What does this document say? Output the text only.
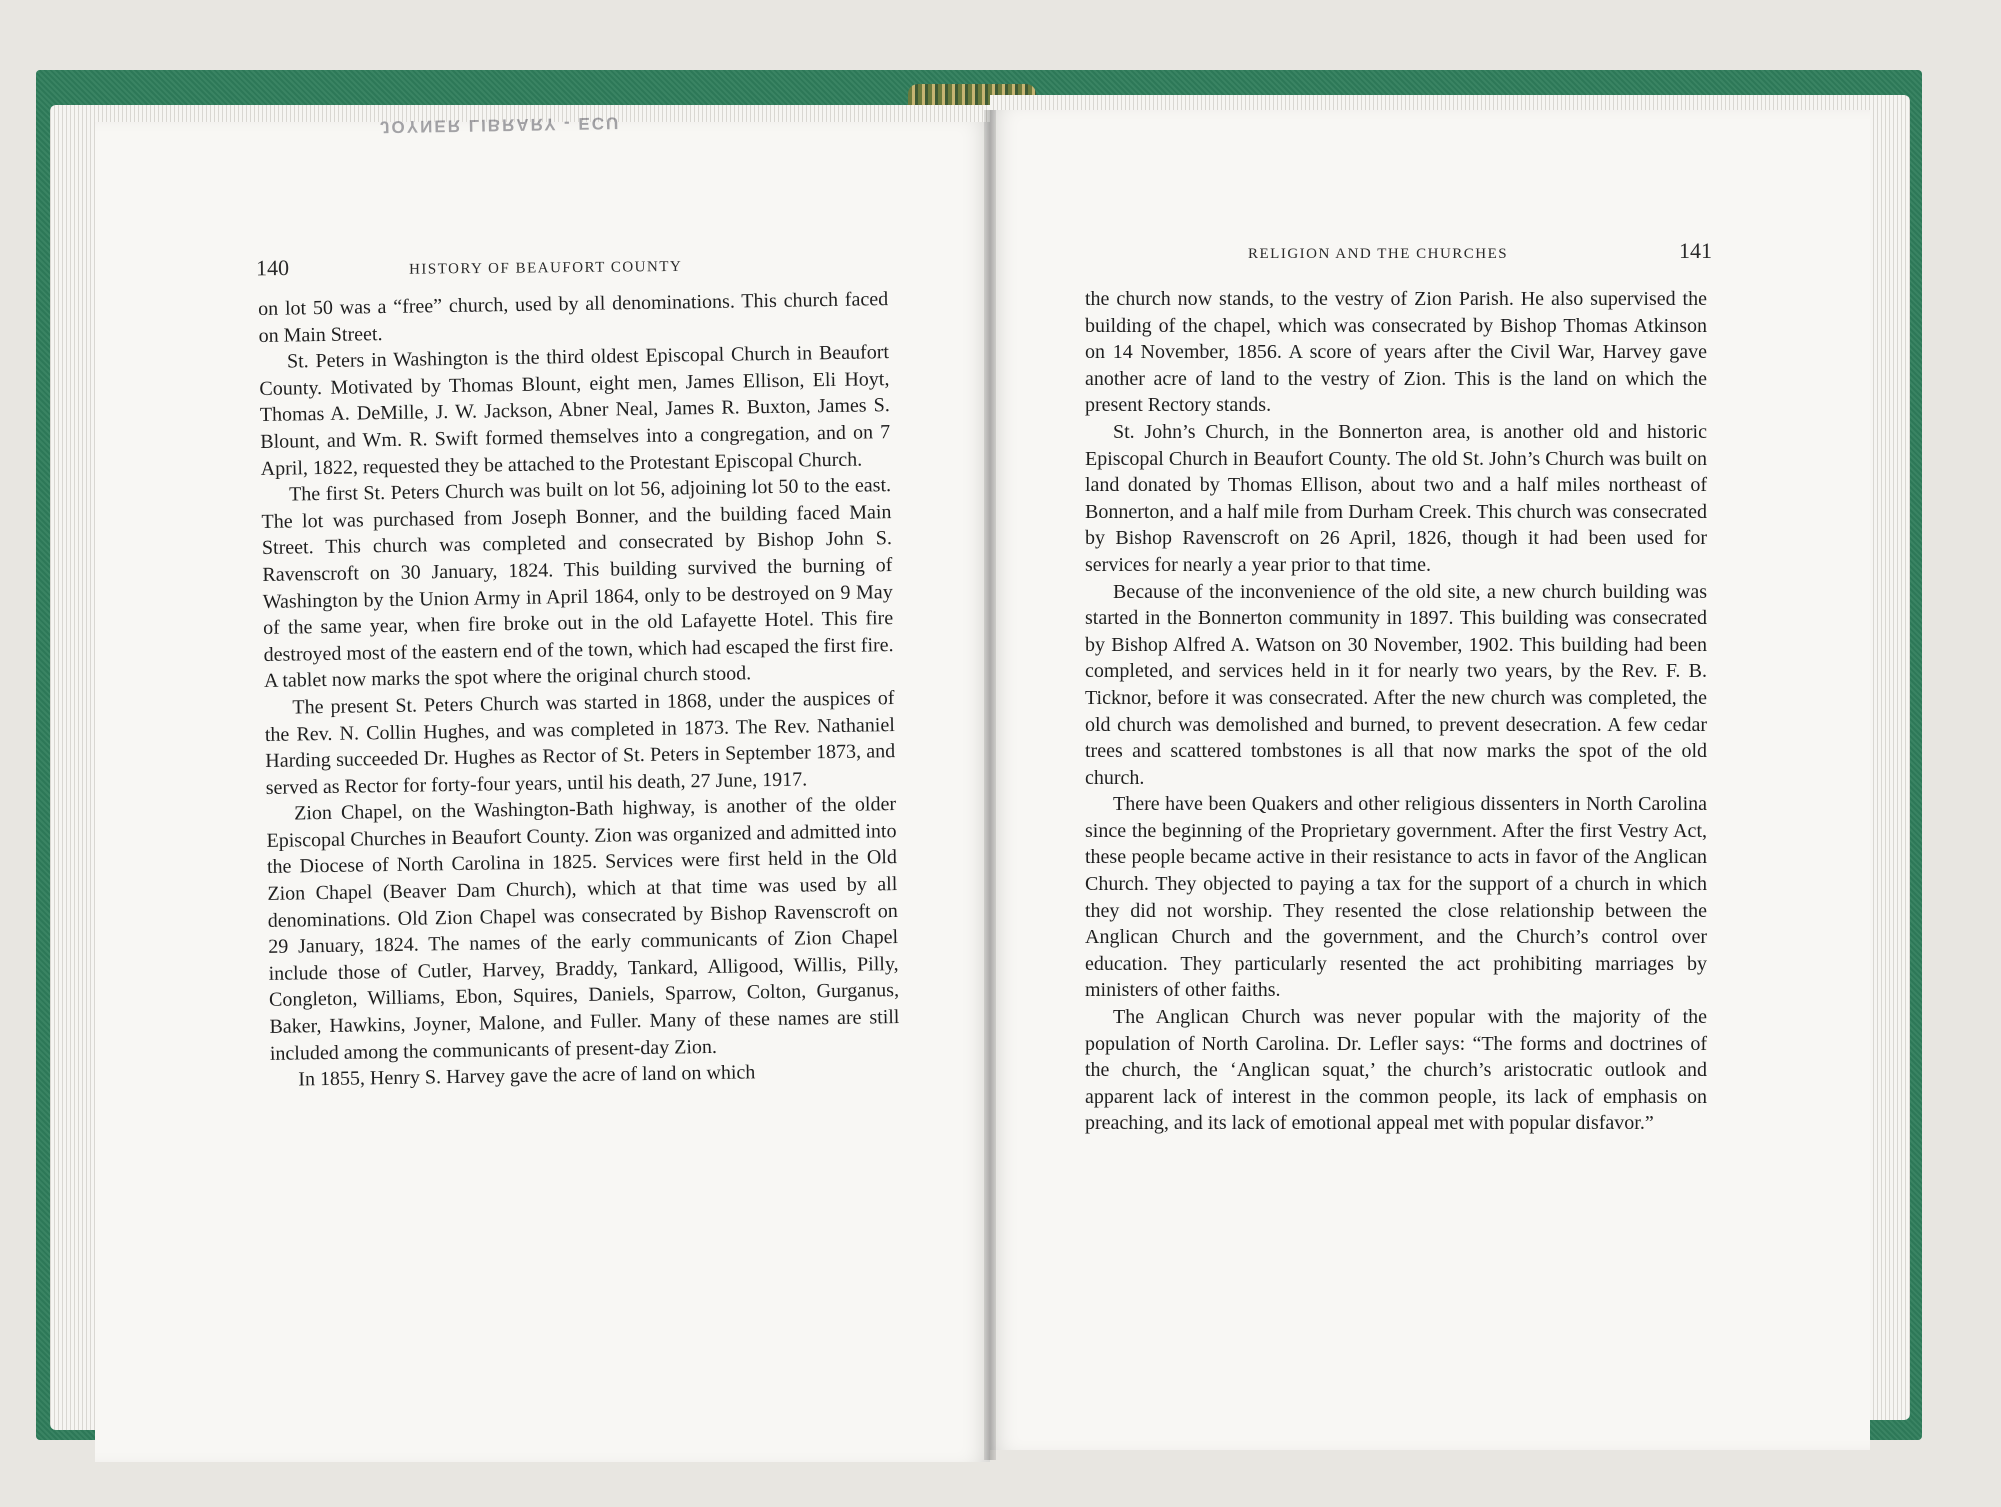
JOYNER LIBRARY - ECU
140	HISTORY OF BEAUFORT COUNTY
RELIGION AND THE CHURCHES	141

on lot 50 was a “free” church, used by all denominations. This church faced on Main Street.

St. Peters in Washington is the third oldest Episcopal Church in Beaufort County. Motivated by Thomas Blount, eight men, James Ellison, Eli Hoyt, Thomas A. DeMille, J. W. Jackson, Abner Neal, James R. Buxton, James S. Blount, and Wm. R. Swift formed themselves into a congregation, and on 7 April, 1822, requested they be attached to the Protestant Episcopal Church.

The first St. Peters Church was built on lot 56, adjoining lot 50 to the east. The lot was purchased from Joseph Bonner, and the building faced Main Street. This church was completed and consecrated by Bishop John S. Ravenscroft on 30 January, 1824. This building survived the burning of Washington by the Union Army in April 1864, only to be destroyed on 9 May of the same year, when fire broke out in the old Lafayette Hotel. This fire destroyed most of the eastern end of the town, which had escaped the first fire. A tablet now marks the spot where the original church stood.

The present St. Peters Church was started in 1868, under the auspices of the Rev. N. Collin Hughes, and was completed in 1873. The Rev. Nathaniel Harding succeeded Dr. Hughes as Rector of St. Peters in September 1873, and served as Rector for forty-four years, until his death, 27 June, 1917.

Zion Chapel, on the Washington-Bath highway, is another of the older Episcopal Churches in Beaufort County. Zion was organized and admitted into the Diocese of North Carolina in 1825. Services were first held in the Old Zion Chapel (Beaver Dam Church), which at that time was used by all denominations. Old Zion Chapel was consecrated by Bishop Ravenscroft on 29 January, 1824. The names of the early communicants of Zion Chapel include those of Cutler, Harvey, Braddy, Tankard, Alligood, Willis, Pilly, Congleton, Williams, Ebon, Squires, Daniels, Sparrow, Colton, Gurganus, Baker, Hawkins, Joyner, Malone, and Fuller. Many of these names are still included among the communicants of present-day Zion.

In 1855, Henry S. Harvey gave the acre of land on which

the church now stands, to the vestry of Zion Parish. He also supervised the building of the chapel, which was consecrated by Bishop Thomas Atkinson on 14 November, 1856. A score of years after the Civil War, Harvey gave another acre of land to the vestry of Zion. This is the land on which the present Rectory stands.

St. John’s Church, in the Bonnerton area, is another old and historic Episcopal Church in Beaufort County. The old St. John’s Church was built on land donated by Thomas Ellison, about two and a half miles northeast of Bonnerton, and a half mile from Durham Creek. This church was consecrated by Bishop Ravenscroft on 26 April, 1826, though it had been used for services for nearly a year prior to that time.

Because of the inconvenience of the old site, a new church building was started in the Bonnerton community in 1897. This building was consecrated by Bishop Alfred A. Watson on 30 November, 1902. This building had been completed, and services held in it for nearly two years, by the Rev. F. B. Ticknor, before it was consecrated. After the new church was completed, the old church was demolished and burned, to prevent desecration. A few cedar trees and scattered tombstones is all that now marks the spot of the old church.

There have been Quakers and other religious dissenters in North Carolina since the beginning of the Proprietary government. After the first Vestry Act, these people became active in their resistance to acts in favor of the Anglican Church. They objected to paying a tax for the support of a church in which they did not worship. They resented the close relationship between the Anglican Church and the government, and the Church’s control over education. They particularly resented the act prohibiting marriages by ministers of other faiths.

The Anglican Church was never popular with the majority of the population of North Carolina. Dr. Lefler says: “The forms and doctrines of the church, the ‘Anglican squat,’ the church’s aristocratic outlook and apparent lack of interest in the common people, its lack of emphasis on preaching, and its lack of emotional appeal met with popular disfavor.”
